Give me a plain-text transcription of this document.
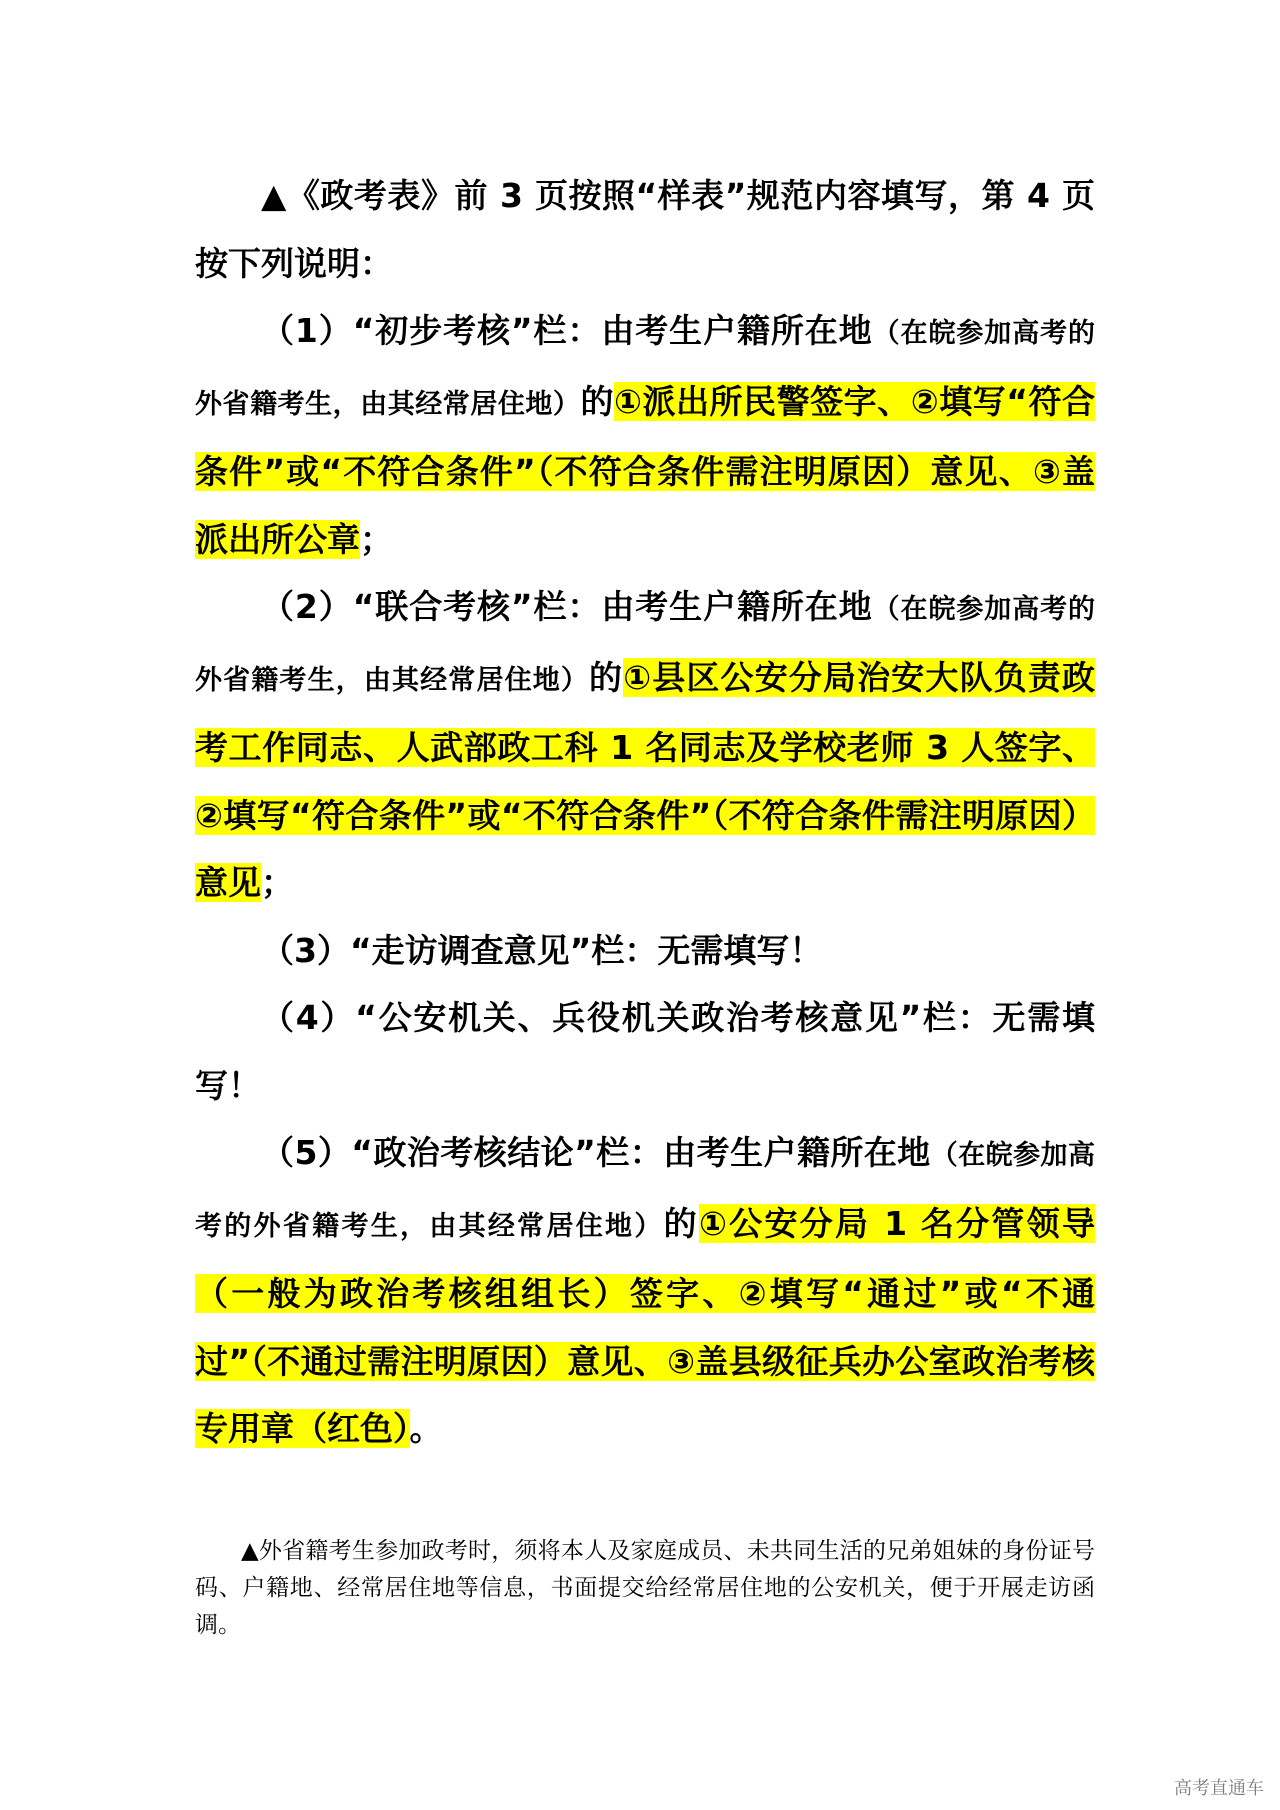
▲《政考表》前 3 页按照“样表”规范内容填写，第 4 页按下列说明：

（1）“初步考核”栏：由考生户籍所在地（在皖参加高考的外省籍考生，由其经常居住地）的①派出所民警签字、②填写“符合条件”或“不符合条件”（不符合条件需注明原因）意见、③盖派出所公章；

（2）“联合考核”栏：由考生户籍所在地（在皖参加高考的外省籍考生，由其经常居住地）的①县区公安分局治安大队负责政考工作同志、人武部政工科 1 名同志及学校老师 3 人签字、②填写“符合条件”或“不符合条件”（不符合条件需注明原因）意见；

（3）“走访调查意见”栏：无需填写！

（4）“公安机关、兵役机关政治考核意见”栏：无需填写！

（5）“政治考核结论”栏：由考生户籍所在地（在皖参加高考的外省籍考生，由其经常居住地）的①公安分局 1 名分管领导（一般为政治考核组组长）签字、②填写“通过”或“不通过”（不通过需注明原因）意见、③盖县级征兵办公室政治考核专用章（红色）。

▲外省籍考生参加政考时，须将本人及家庭成员、未共同生活的兄弟姐妹的身份证号码、户籍地、经常居住地等信息，书面提交给经常居住地的公安机关，便于开展走访函调。

高考直通车
